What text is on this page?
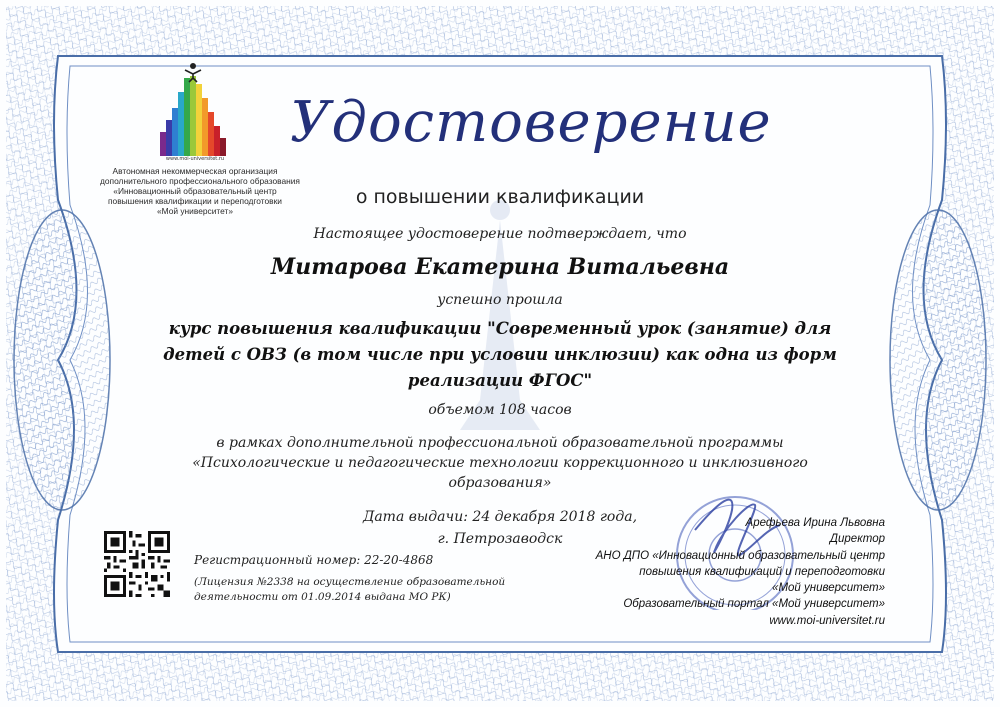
www.moi-universitet.ru
Автономная некоммерческая организация
дополнительного профессионального образования
«Инновационный образовательный центр
повышения квалификации и переподготовки
«Мой университет»
Удостоверение
о повышении квалификации
Настоящее удостоверение подтверждает, что
Митарова Екатерина Витальевна
успешно прошла
курс повышения квалификации "Современный урок (занятие) для
детей с ОВЗ (в том числе при условии инклюзии) как одна из форм
реализации ФГОС"
объемом 108 часов
в рамках дополнительной профессиональной образовательной программы
«Психологические и педагогические технологии коррекционного и инклюзивного
образования»
Дата выдачи: 24 декабря 2018 года,
г. Петрозаводск
Регистрационный номер: 22-20-4868
(Лицензия №2338 на осуществление образовательной
деятельности от 01.09.2014 выдана МО РК)
Арефьева Ирина Львовна
Директор
АНО ДПО «Инновационный образовательный центр
повышения квалификаций и переподготовки
«Мой университет»
Образовательный портал «Мой университет»
www.moi-universitet.ru
